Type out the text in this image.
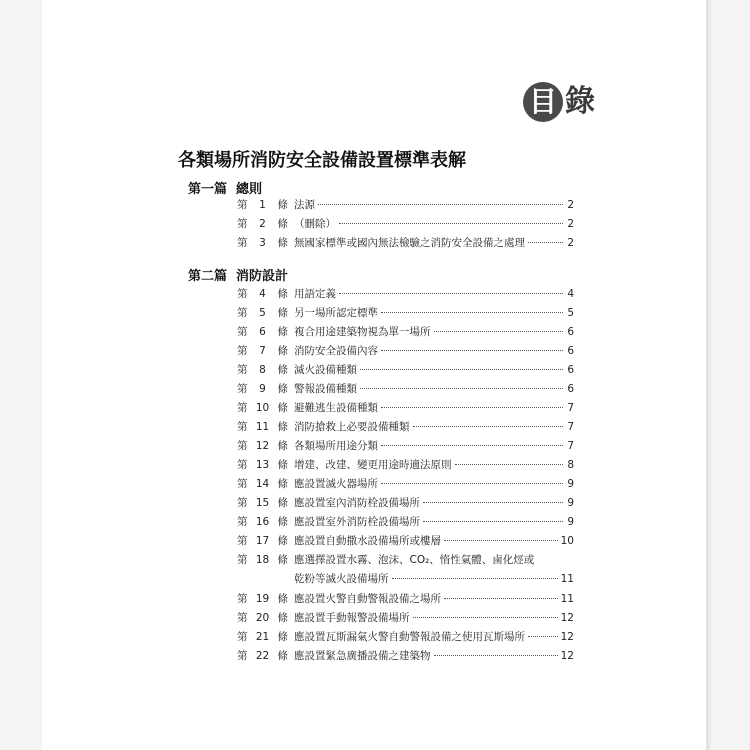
目 錄
各類場所消防安全設備設置標準表解
第一篇 總則
第 1 條 法源	2
第 2 條 （刪除）	2
第 3 條 無國家標準或國內無法檢驗之消防安全設備之處理	2
第二篇 消防設計
第 4 條 用語定義	4
第 5 條 另一場所認定標準	5
第 6 條 複合用途建築物視為單一場所	6
第 7 條 消防安全設備內容	6
第 8 條 滅火設備種類	6
第 9 條 警報設備種類	6
第 10 條 避難逃生設備種類	7
第 11 條 消防搶救上必要設備種類	7
第 12 條 各類場所用途分類	7
第 13 條 增建、改建、變更用途時適法原則	8
第 14 條 應設置滅火器場所	9
第 15 條 應設置室內消防栓設備場所	9
第 16 條 應設置室外消防栓設備場所	9
第 17 條 應設置自動撒水設備場所或樓層	10
第 18 條 應選擇設置水霧、泡沫、CO₂、惰性氣體、鹵化烴或
乾粉等滅火設備場所	11
第 19 條 應設置火警自動警報設備之場所	11
第 20 條 應設置手動報警設備場所	12
第 21 條 應設置瓦斯漏氣火警自動警報設備之使用瓦斯場所	12
第 22 條 應設置緊急廣播設備之建築物	12
